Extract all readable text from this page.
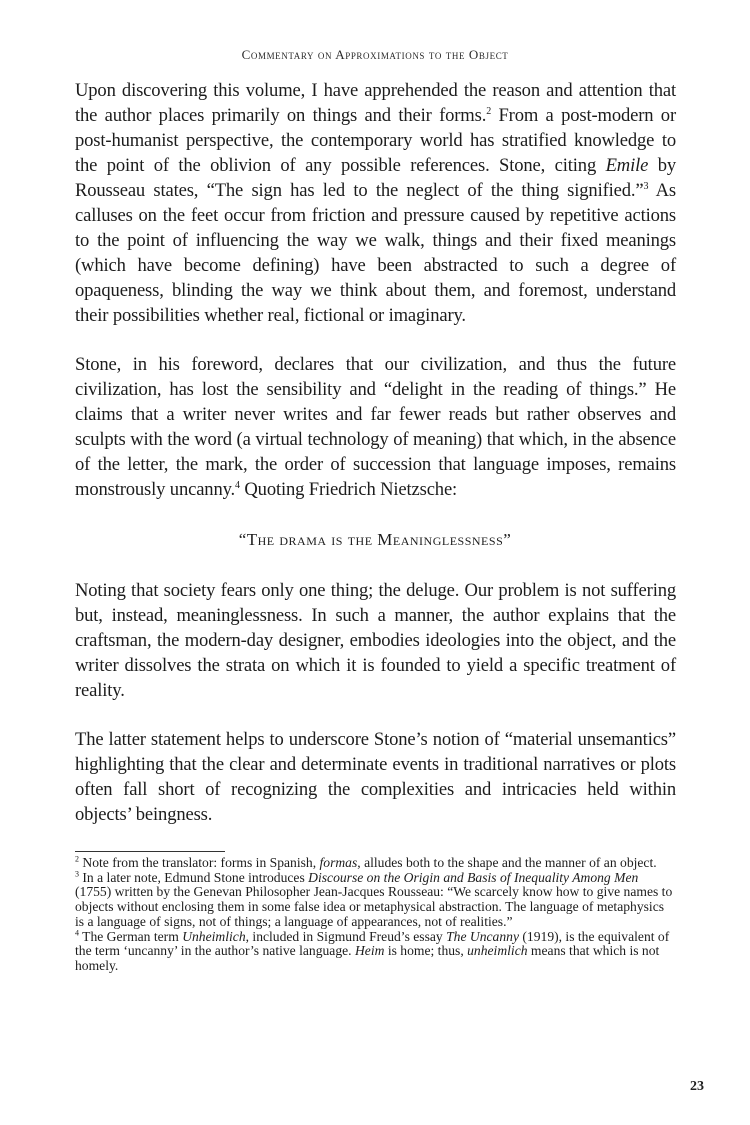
Commentary on Approximations to the Object

Upon discovering this volume, I have apprehended the reason and attention that the author places primarily on things and their forms.$^2$ From a post-modern or post-humanist perspective, the contemporary world has stratified knowledge to the point of the oblivion of any possible references. Stone, citing Emile by Rousseau states, “The sign has led to the neglect of the thing signified.”$^3$ As calluses on the feet occur from friction and pressure caused by repetitive actions to the point of influencing the way we walk, things and their fixed meanings (which have become defining) have been abstracted to such a degree of opaqueness, blinding the way we think about them, and foremost, understand their possibilities whether real, fictional or imaginary.

Stone, in his foreword, declares that our civilization, and thus the future civilization, has lost the sensibility and “delight in the reading of things.” He claims that a writer never writes and far fewer reads but rather observes and sculpts with the word (a virtual technology of meaning) that which, in the absence of the letter, the mark, the order of succession that language imposes, remains monstrously uncanny.$^4$ Quoting Friedrich Nietzsche:

“The drama is the Meaninglessness”

Noting that society fears only one thing; the deluge. Our problem is not suffering but, instead, meaninglessness. In such a manner, the author explains that the craftsman, the modern-day designer, embodies ideologies into the object, and the writer dissolves the strata on which it is founded to yield a specific treatment of reality.

The latter statement helps to underscore Stone’s notion of “material unsemantics” highlighting that the clear and determinate events in traditional narratives or plots often fall short of recognizing the complexities and intricacies held within objects’ beingness.

$^2$ Note from the translator: forms in Spanish, formas, alludes both to the shape and the manner of an object.

$^3$ In a later note, Edmund Stone introduces Discourse on the Origin and Basis of Inequality Among Men (1755) written by the Genevan Philosopher Jean-Jacques Rousseau: “We scarcely know how to give names to objects without enclosing them in some false idea or metaphysical abstraction. The language of metaphysics is a language of signs, not of things; a language of appearances, not of realities.”

$^4$ The German term Unheimlich, included in Sigmund Freud’s essay The Uncanny (1919), is the equivalent of the term ‘uncanny’ in the author’s native language. Heim is home; thus, unheimlich means that which is not homely.

23
